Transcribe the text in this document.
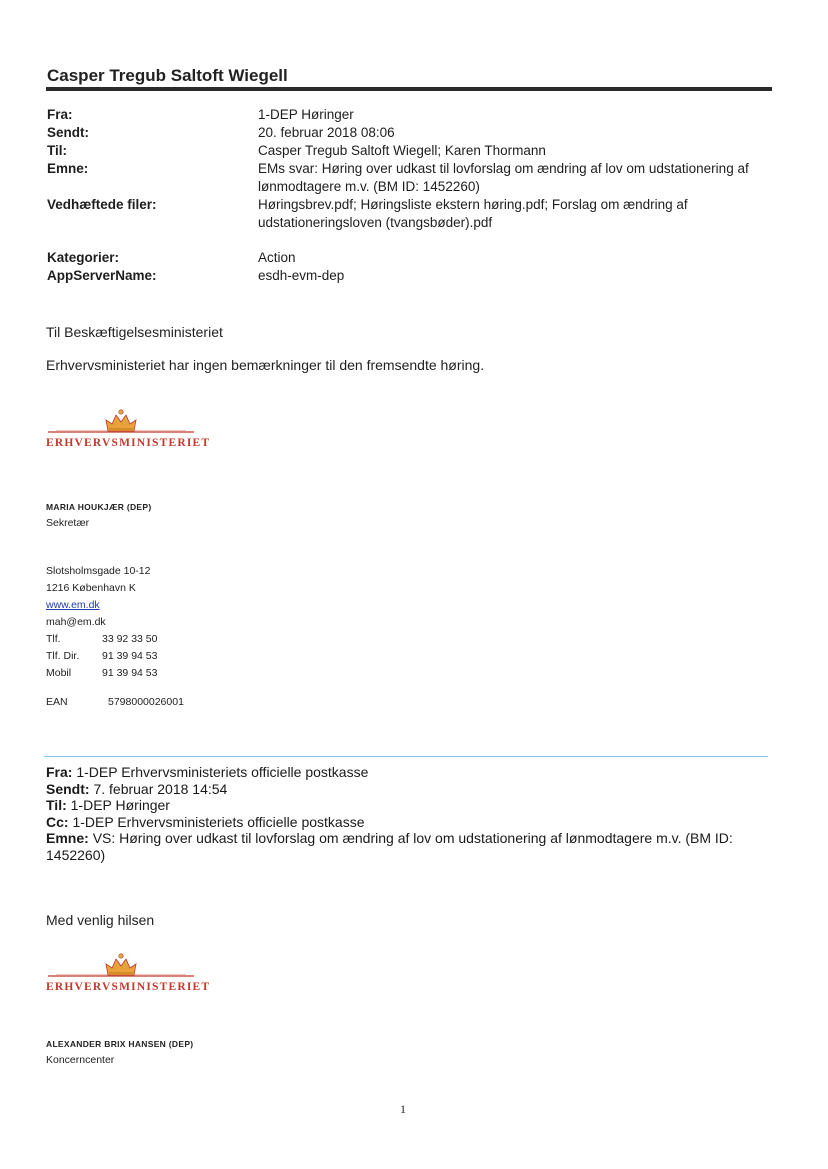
Casper Tregub Saltoft Wiegell
Fra:	1-DEP Høringer
Sendt:	20. februar 2018 08:06
Til:	Casper Tregub Saltoft Wiegell; Karen Thormann
Emne:	EMs svar: Høring over udkast til lovforslag om ændring af lov om udstationering af lønmodtagere m.v. (BM ID: 1452260)
Vedhæftede filer:	Høringsbrev.pdf; Høringsliste ekstern høring.pdf; Forslag om ændring af udstationeringsloven (tvangsbøder).pdf
Kategorier:	Action
AppServerName:	esdh-evm-dep
Til Beskæftigelsesministeriet
Erhvervsministeriet har ingen bemærkninger til den fremsendte høring.
ERHVERVSMINISTERIET
MARIA HOUKJÆR (DEP)
Sekretær
Slotsholmsgade 10-12
1216 København K
www.em.dk
mah@em.dk
Tlf.	33 92 33 50
Tlf. Dir.	91 39 94 53
Mobil	91 39 94 53
EAN	5798000026001
Fra: 1-DEP Erhvervsministeriets officielle postkasse
Sendt: 7. februar 2018 14:54
Til: 1-DEP Høringer
Cc: 1-DEP Erhvervsministeriets officielle postkasse
Emne: VS: Høring over udkast til lovforslag om ændring af lov om udstationering af lønmodtagere m.v. (BM ID: 1452260)
Med venlig hilsen
ERHVERVSMINISTERIET
ALEXANDER BRIX HANSEN (DEP)
Koncerncenter
1
